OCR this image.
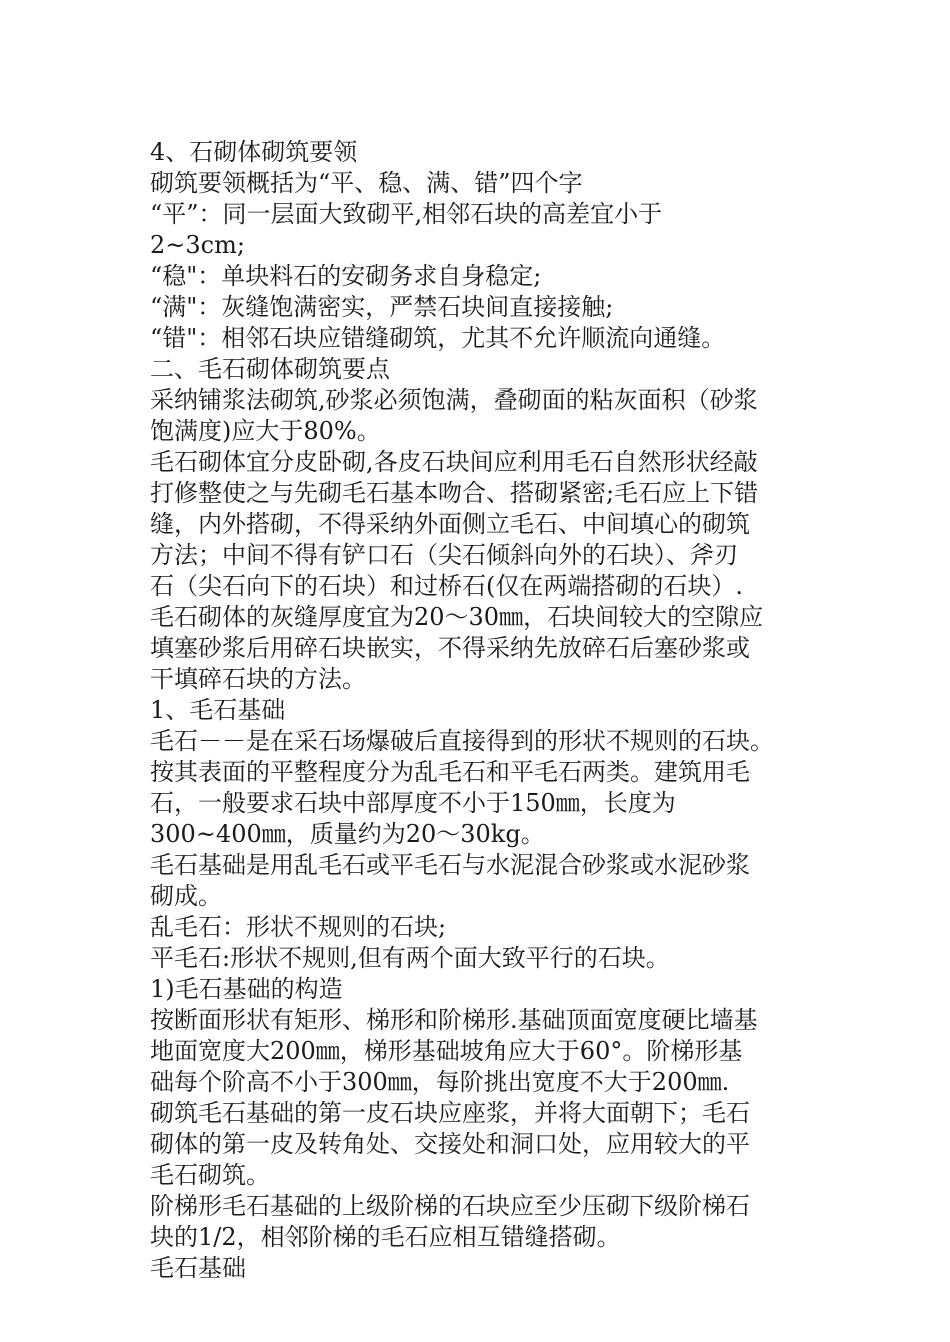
4、石砌体砌筑要领
砌筑要领概括为“平、稳、满、错”四个字
“平”：同一层面大致砌平,相邻石块的高差宜小于
2~3cm;
“稳"：单块料石的安砌务求自身稳定;
“满"：灰缝饱满密实，严禁石块间直接接触;
“错"：相邻石块应错缝砌筑，尤其不允许顺流向通缝。
二、毛石砌体砌筑要点
采纳铺浆法砌筑,砂浆必须饱满，叠砌面的粘灰面积（砂浆
饱满度)应大于80%。
毛石砌体宜分皮卧砌,各皮石块间应利用毛石自然形状经敲
打修整使之与先砌毛石基本吻合、搭砌紧密;毛石应上下错
缝，内外搭砌，不得采纳外面侧立毛石、中间填心的砌筑
方法；中间不得有铲口石（尖石倾斜向外的石块）、斧刃
石（尖石向下的石块）和过桥石(仅在两端搭砌的石块）.
毛石砌体的灰缝厚度宜为20～30㎜，石块间较大的空隙应
填塞砂浆后用碎石块嵌实，不得采纳先放碎石后塞砂浆或
干填碎石块的方法。
1、毛石基础
毛石－－是在采石场爆破后直接得到的形状不规则的石块。
按其表面的平整程度分为乱毛石和平毛石两类。建筑用毛
石，一般要求石块中部厚度不小于150㎜，长度为
300~400㎜，质量约为20～30kg。
毛石基础是用乱毛石或平毛石与水泥混合砂浆或水泥砂浆
砌成。
乱毛石：形状不规则的石块;
平毛石:形状不规则,但有两个面大致平行的石块。
1)毛石基础的构造
按断面形状有矩形、梯形和阶梯形.基础顶面宽度硬比墙基
地面宽度大200㎜，梯形基础坡角应大于60°。阶梯形基
础每个阶高不小于300㎜，每阶挑出宽度不大于200㎜.
砌筑毛石基础的第一皮石块应座浆，并将大面朝下；毛石
砌体的第一皮及转角处、交接处和洞口处，应用较大的平
毛石砌筑。
阶梯形毛石基础的上级阶梯的石块应至少压砌下级阶梯石
块的1/2，相邻阶梯的毛石应相互错缝搭砌。
毛石基础
